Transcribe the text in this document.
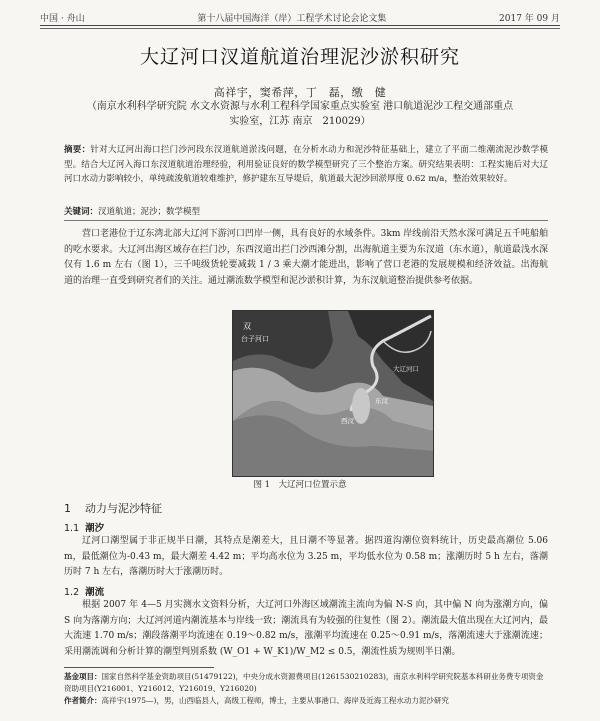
中国 · 舟山	第十八届中国海洋（岸）工程学术讨论会论文集	2017 年 09 月
大辽河口汊道航道治理泥沙淤积研究
高祥宇，窦希萍，丁　磊，缴　健
（南京水利科学研究院 水文水资源与水利工程科学国家重点实验室 港口航道泥沙工程交通部重点实验室，江苏 南京　210029）
摘要：针对大辽河出海口拦门沙河段东汊道航道淤浅问题，在分析水动力和泥沙特征基础上，建立了平面二维潮流泥沙数学模型。结合大辽河入海口东汊道航道治理经验，利用验证良好的数学模型研究了三个整治方案。研究结果表明：工程实施后对大辽河口水动力影响较小，单纯疏浚航道较难维护，修护建东互导堤后，航道最大泥沙回淤厚度 0.62 m/a，整治效果较好。
关键词：汊道航道；泥沙；数学模型
营口老港位于辽东湾北部大辽河下游河口凹岸一侧，具有良好的水域条件。3km 岸线前沿天然水深可满足五千吨船舶的吃水要求。大辽河出海区域存在拦门沙，东西汊道出拦门沙西滩分割，出海航道主要为东汊道（东水道），航道最浅水深仅有 1.6 m 左右（图 1），三千吨级货轮要减载 1 / 3 乘大潮才能进出，影响了营口老港的发展规模和经济效益。出海航道的治理一直受到研究者们的关注。通过潮流数学模型和泥沙淤积计算，为东汊航道整治提供参考依据。
双
台子河口
东汊
西汊
大辽河口
图 1　大辽河口位置示意
1 动力与泥沙特征
1.1 潮汐
辽河口潮型属于非正规半日潮，其特点是潮差大，且日潮不等显著。据四道沟潮位资料统计，历史最高潮位 5.06 m，最低潮位为-0.43 m，最大潮差 4.42 m；平均高水位为 3.25 m，平均低水位为 0.58 m；涨潮历时 5 h 左右，落潮历时 7 h 左右，落潮历时大于涨潮历时。
1.2 潮流
根据 2007 年 4—5 月实测水文资料分析，大辽河口外海区域潮流主流向为偏 N-S 向，其中偏 N 向为涨潮方向，偏 S 向为落潮方向；大辽河河道内潮流基本与岸线一致；潮流具有为较强的往复性（图 2）。潮流最大值出现在大辽河内，最大流速 1.70 m/s；潮段落潮平均流速在 0.19～0.82 m/s，涨潮平均流速在 0.25～0.91 m/s，落潮流速大于涨潮流速；采用潮流调和分析计算的潮型判别系数 (W_O1 + W_K1)/W_M2 ≤ 0.5，潮流性质为规则半日潮。
基金项目：国家自然科学基金资助项目(51479122)，中央分成水资源费项目(1261530210283)，南京水利科学研究院基本科研业务费专项资金资助项目(Y216001、Y216012、Y216019、Y216020)
作者简介：高祥宇(1975—)，男，山西临县人，高级工程师，博士，主要从事港口、海岸及近海工程水动力泥沙研究
